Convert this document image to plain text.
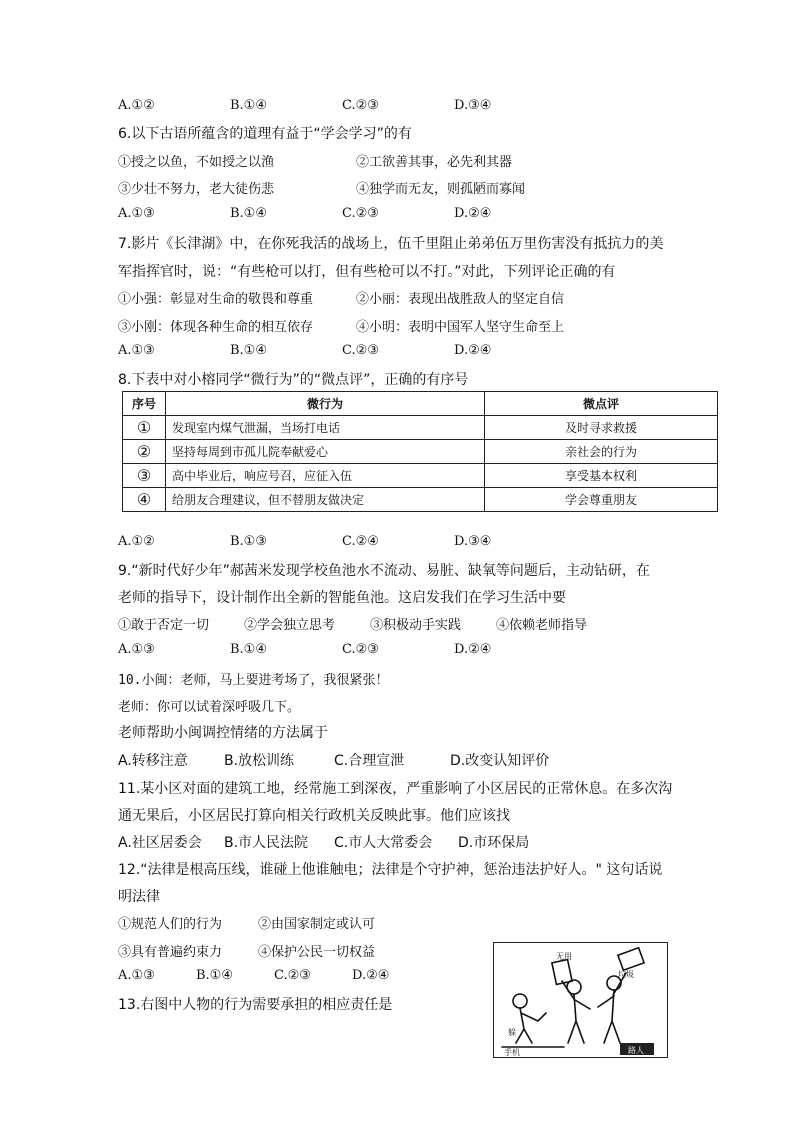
A.①②	B.①④	C.②③	D.③④
6.以下古语所蕴含的道理有益于“学会学习”的有
①授之以鱼，不如授之以渔	②工欲善其事，必先利其器
③少壮不努力，老大徒伤悲	④独学而无友，则孤陋而寡闻
A.①③	B.①④	C.②③	D.②④
7.影片《长津湖》中，在你死我活的战场上，伍千里阻止弟弟伍万里伤害没有抵抗力的美
军指挥官时，说：“有些枪可以打，但有些枪可以不打。”对此，下列评论正确的有
①小强：彰显对生命的敬畏和尊重	②小丽：表现出战胜敌人的坚定自信
③小刚：体现各种生命的相互依存	④小明：表明中国军人坚守生命至上
A.①③	B.①④	C.②③	D.②④
8.下表中对小榕同学“微行为”的“微点评”，正确的有序号
序号	微行为	微点评
①	发现室内煤气泄漏，当场打电话	及时寻求救援
②	坚持每周到市孤儿院奉献爱心	亲社会的行为
③	高中毕业后，响应号召，应征入伍	享受基本权利
④	给朋友合理建议，但不替朋友做决定	学会尊重朋友
A.①②	B.①③	C.②④	D.③④
9.“新时代好少年”郝茜米发现学校鱼池水不流动、易脏、缺氧等问题后，主动钻研，在
老师的指导下，设计制作出全新的智能鱼池。这启发我们在学习生活中要
①敢于否定一切	②学会独立思考	③积极动手实践	④依赖老师指导
A.①③	B.①④	C.②③	D.②④
10.小闽：老师，马上要进考场了，我很紧张！
老师：你可以试着深呼吸几下。
老师帮助小闽调控情绪的方法属于
A.转移注意	B.放松训练	C.合理宣泄	D.改变认知评价
11.某小区对面的建筑工地，经常施工到深夜，严重影响了小区居民的正常休息。在多次沟
通无果后，小区居民打算向相关行政机关反映此事。他们应该找
A.社区居委会 B.市人民法院 C.市人大常委会 D.市环保局
12.“法律是根高压线，谁碰上他谁触电；法律是个守护神，惩治违法护好人。" 这句话说
明法律
①规范人们的行为	②由国家制定或认可
③具有普遍约束力	④保护公民一切权益
A.①③	B.①④	C.②③	D.②④
13.右图中人物的行为需要承担的相应责任是
无用
垃圾
手机
躲
路人
